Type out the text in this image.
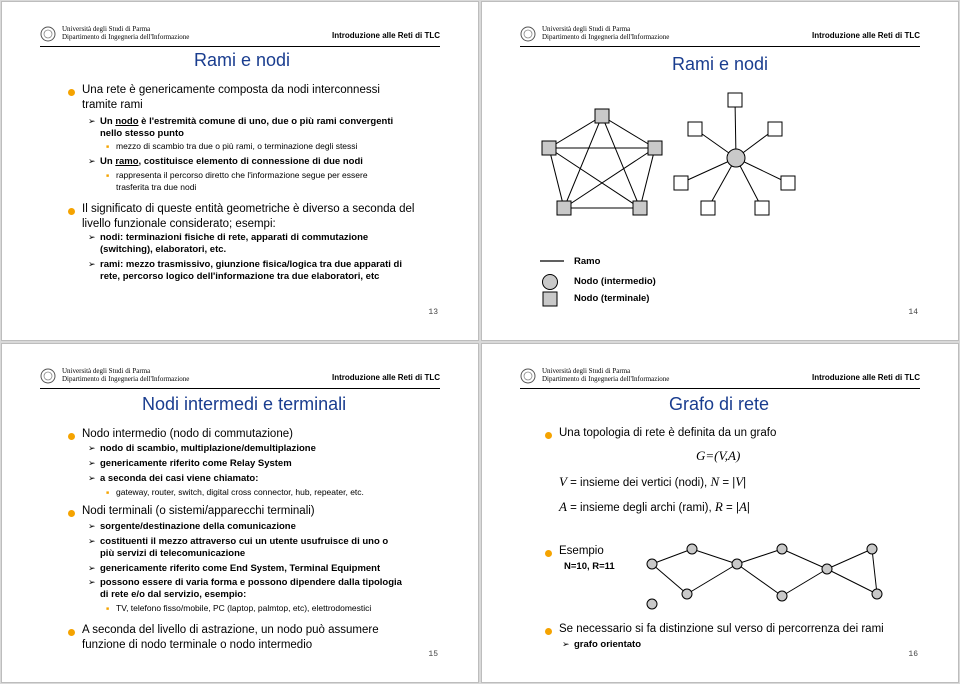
Università degli Studi di Parma
Dipartimento di Ingegneria dell'Informazione	Introduzione alle Reti di TLC
Rami e nodi
Una rete è genericamente composta da nodi interconnessi
tramite rami
➢ Un nodo è l'estremità comune di uno, due o più rami convergenti
nello stesso punto
■ mezzo di scambio tra due o più rami, o terminazione degli stessi
➢ Un ramo, costituisce elemento di connessione di due nodi
■ rappresenta il percorso diretto che l'informazione segue per essere
trasferita tra due nodi
Il significato di queste entità geometriche è diverso a seconda del
livello funzionale considerato; esempi:
➢ nodi: terminazioni fisiche di rete, apparati di commutazione
(switching), elaboratori, etc.
➢ rami: mezzo trasmissivo, giunzione fisica/logica tra due apparati di
rete, percorso logico dell'informazione tra due elaboratori, etc
13
Università degli Studi di Parma
Dipartimento di Ingegneria dell'Informazione	Introduzione alle Reti di TLC
Rami e nodi
Ramo
Nodo (intermedio)
Nodo (terminale)
14
Università degli Studi di Parma
Dipartimento di Ingegneria dell'Informazione	Introduzione alle Reti di TLC
Nodi intermedi e terminali
Nodo intermedio (nodo di commutazione)
➢ nodo di scambio, multiplazione/demultiplazione
➢ genericamente riferito come Relay System
➢ a seconda dei casi viene chiamato:
■ gateway, router, switch, digital cross connector, hub, repeater, etc.
Nodi terminali (o sistemi/apparecchi terminali)
➢ sorgente/destinazione della comunicazione
➢ costituenti il mezzo attraverso cui un utente usufruisce di uno o
più servizi di telecomunicazione
➢ genericamente riferito come End System, Terminal Equipment
➢ possono essere di varia forma e possono dipendere dalla tipologia
di rete e/o dal servizio, esempio:
■ TV, telefono fisso/mobile, PC (laptop, palmtop, etc), elettrodomestici
A seconda del livello di astrazione, un nodo può assumere
funzione di nodo terminale o nodo intermedio
15
Università degli Studi di Parma
Dipartimento di Ingegneria dell'Informazione	Introduzione alle Reti di TLC
Grafo di rete
Una topologia di rete è definita da un grafo
G=(V,A)
V = insieme dei vertici (nodi), N = |V|
A = insieme degli archi (rami), R = |A|
Esempio
N=10, R=11
Se necessario si fa distinzione sul verso di percorrenza dei rami
➢ grafo orientato
16
